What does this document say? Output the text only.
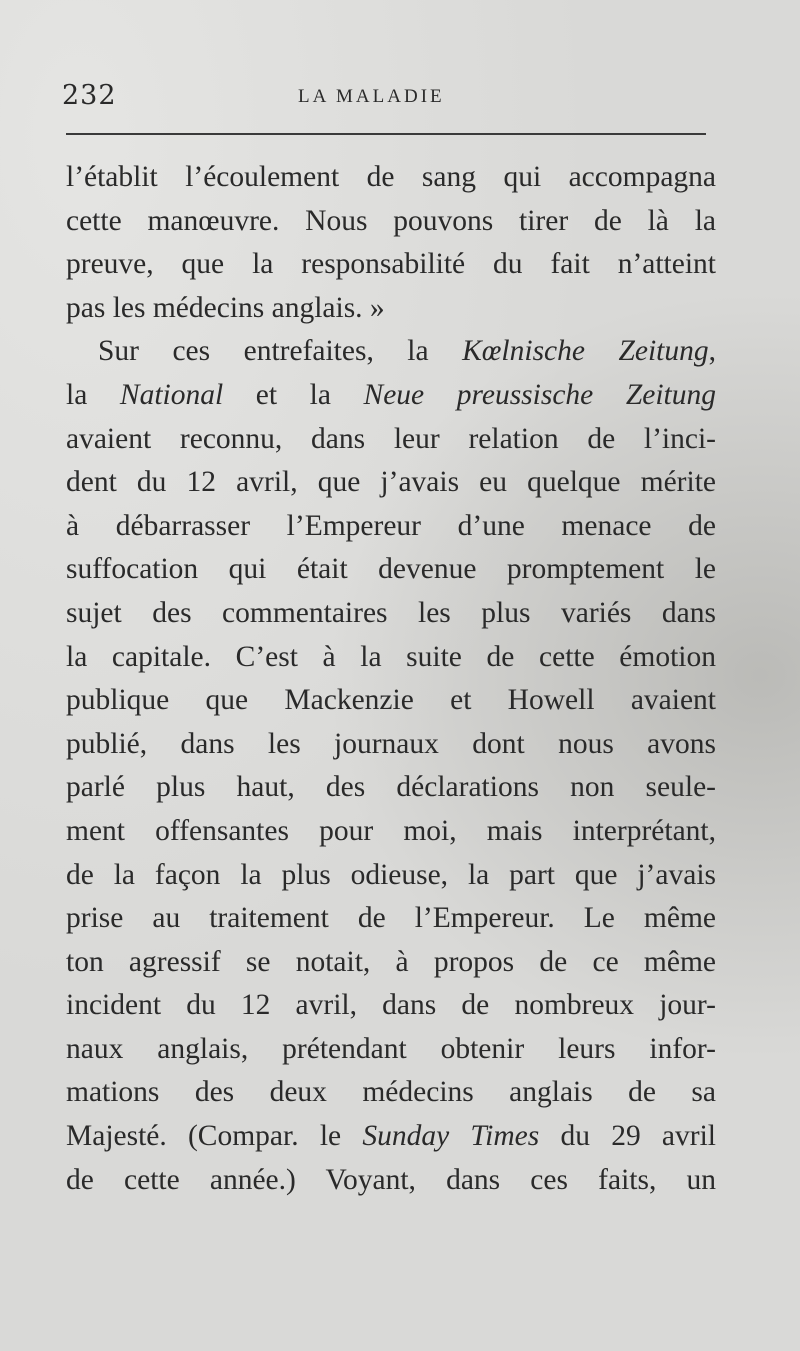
232	LA MALADIE
l’établit l’écoulement de sang qui accompagna
cette manœuvre. Nous pouvons tirer de là la
preuve, que la responsabilité du fait n’atteint
pas les médecins anglais. »
Sur ces entrefaites, la Kœlnische Zeitung,
la National et la Neue preussische Zeitung
avaient reconnu, dans leur relation de l’inci-
dent du 12 avril, que j’avais eu quelque mérite
à débarrasser l’Empereur d’une menace de
suffocation qui était devenue promptement le
sujet des commentaires les plus variés dans
la capitale. C’est à la suite de cette émotion
publique que Mackenzie et Howell avaient
publié, dans les journaux dont nous avons
parlé plus haut, des déclarations non seule-
ment offensantes pour moi, mais interprétant,
de la façon la plus odieuse, la part que j’avais
prise au traitement de l’Empereur. Le même
ton agressif se notait, à propos de ce même
incident du 12 avril, dans de nombreux jour-
naux anglais, prétendant obtenir leurs infor-
mations des deux médecins anglais de sa
Majesté. (Compar. le Sunday Times du 29 avril
de cette année.) Voyant, dans ces faits, un
